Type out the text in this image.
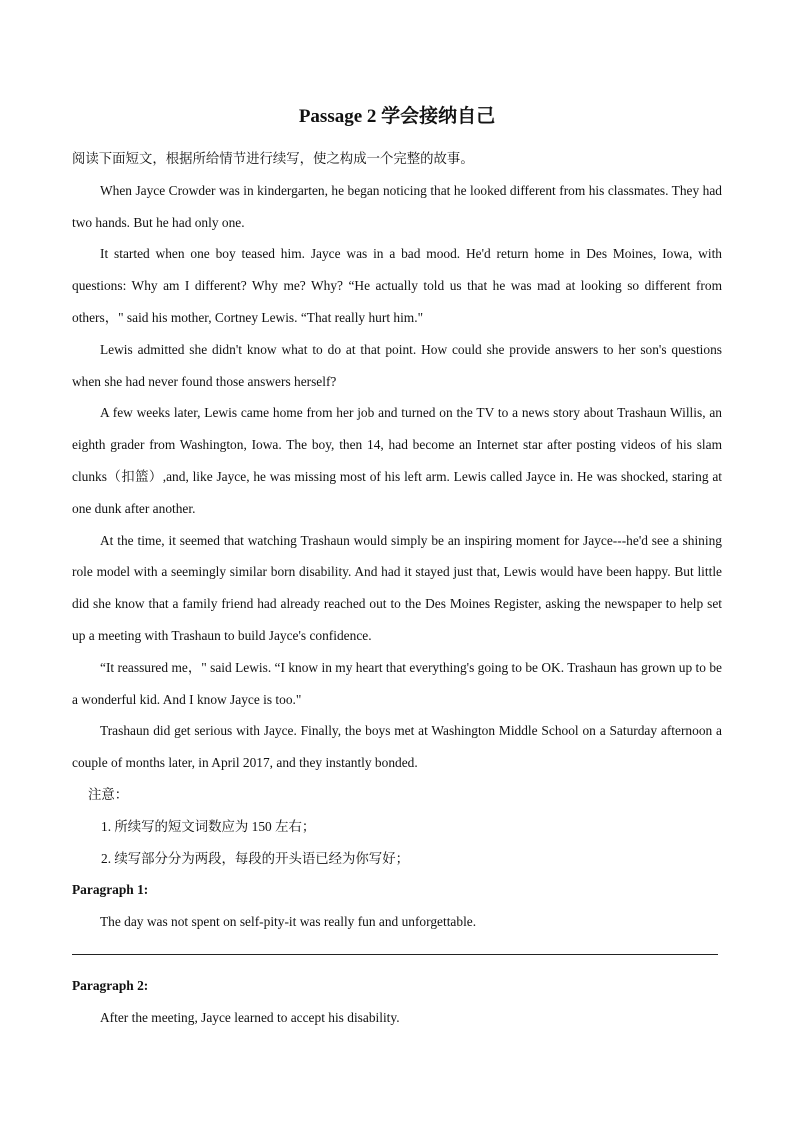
Passage 2 学会接纳自己

阅读下面短文，根据所给情节进行续写，使之构成一个完整的故事。

When Jayce Crowder was in kindergarten, he began noticing that he looked different from his classmates. They had two hands. But he had only one.

It started when one boy teased him. Jayce was in a bad mood. He'd return home in Des Moines, Iowa, with questions: Why am I different? Why me? Why? “He actually told us that he was mad at looking so different from others，" said his mother, Cortney Lewis. “That really hurt him."

Lewis admitted she didn't know what to do at that point. How could she provide answers to her son's questions when she had never found those answers herself?

A few weeks later, Lewis came home from her job and turned on the TV to a news story about Trashaun Willis, an eighth grader from Washington, Iowa. The boy, then 14, had become an Internet star after posting videos of his slam clunks（扣篮）,and, like Jayce, he was missing most of his left arm. Lewis called Jayce in. He was shocked, staring at one dunk after another.

At the time, it seemed that watching Trashaun would simply be an inspiring moment for Jayce---he'd see a shining role model with a seemingly similar born disability. And had it stayed just that, Lewis would have been happy. But little did she know that a family friend had already reached out to the Des Moines Register, asking the newspaper to help set up a meeting with Trashaun to build Jayce's confidence.

“It reassured me，" said Lewis. “I know in my heart that everything's going to be OK. Trashaun has grown up to be a wonderful kid. And I know Jayce is too."

Trashaun did get serious with Jayce. Finally, the boys met at Washington Middle School on a Saturday afternoon a couple of months later, in April 2017, and they instantly bonded.

注意：

1. 所续写的短文词数应为 150 左右；

2. 续写部分分为两段，每段的开头语已经为你写好；

Paragraph 1:

The day was not spent on self-pity-it was really fun and unforgettable.

Paragraph 2:

After the meeting, Jayce learned to accept his disability.
